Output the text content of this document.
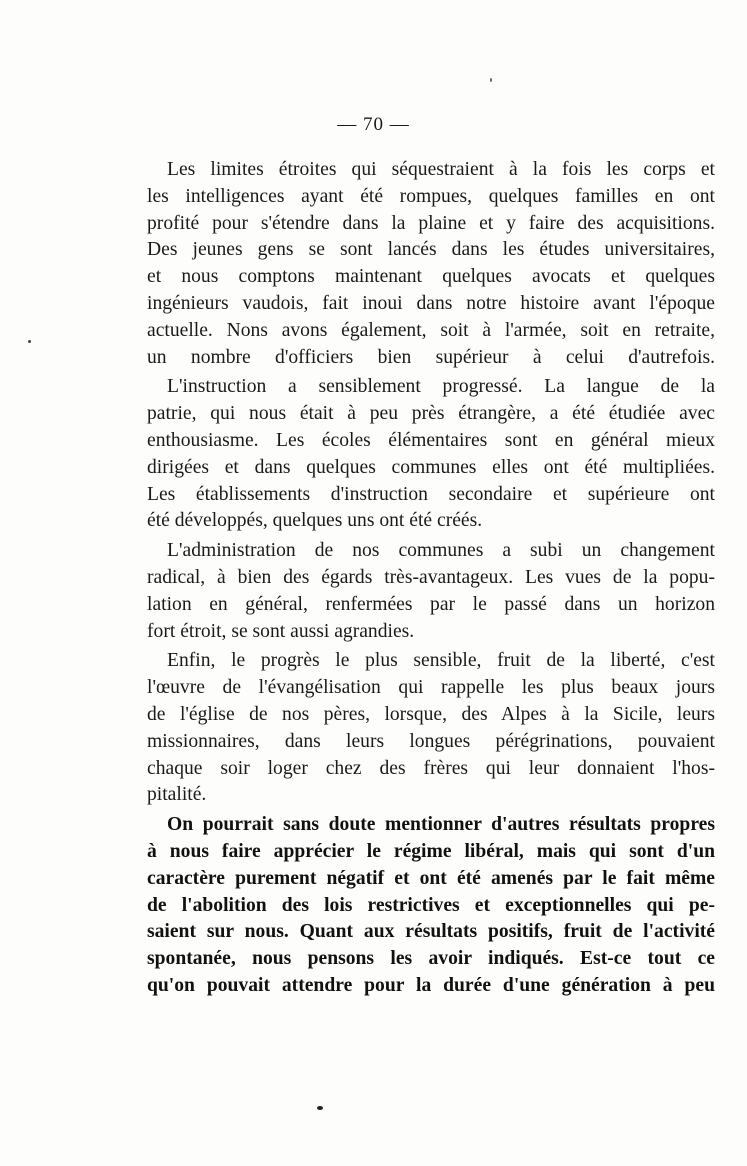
— 70 —

Les limites étroites qui séquestraient à la fois les corps et
les intelligences ayant été rompues, quelques familles en ont
profité pour s'étendre dans la plaine et y faire des acquisitions.
Des jeunes gens se sont lancés dans les études universitaires,
et nous comptons maintenant quelques avocats et quelques
ingénieurs vaudois, fait inoui dans notre histoire avant l'époque
actuelle. Nons avons également, soit à l'armée, soit en retraite,
un nombre d'officiers bien supérieur à celui d'autrefois.

L'instruction a sensiblement progressé. La langue de la
patrie, qui nous était à peu près étrangère, a été étudiée avec
enthousiasme. Les écoles élémentaires sont en général mieux
dirigées et dans quelques communes elles ont été multipliées.
Les établissements d'instruction secondaire et supérieure ont
été développés, quelques uns ont été créés.

L'administration de nos communes a subi un changement
radical, à bien des égards très-avantageux. Les vues de la popu-
lation en général, renfermées par le passé dans un horizon
fort étroit, se sont aussi agrandies.

Enfin, le progrès le plus sensible, fruit de la liberté, c'est
l'œuvre de l'évangélisation qui rappelle les plus beaux jours
de l'église de nos pères, lorsque, des Alpes à la Sicile, leurs
missionnaires, dans leurs longues pérégrinations, pouvaient
chaque soir loger chez des frères qui leur donnaient l'hos-
pitalité.

On pourrait sans doute mentionner d'autres résultats propres
à nous faire apprécier le régime libéral, mais qui sont d'un
caractère purement négatif et ont été amenés par le fait même
de l'abolition des lois restrictives et exceptionnelles qui pe-
saient sur nous. Quant aux résultats positifs, fruit de l'activité
spontanée, nous pensons les avoir indiqués. Est-ce tout ce
qu'on pouvait attendre pour la durée d'une génération à peu
